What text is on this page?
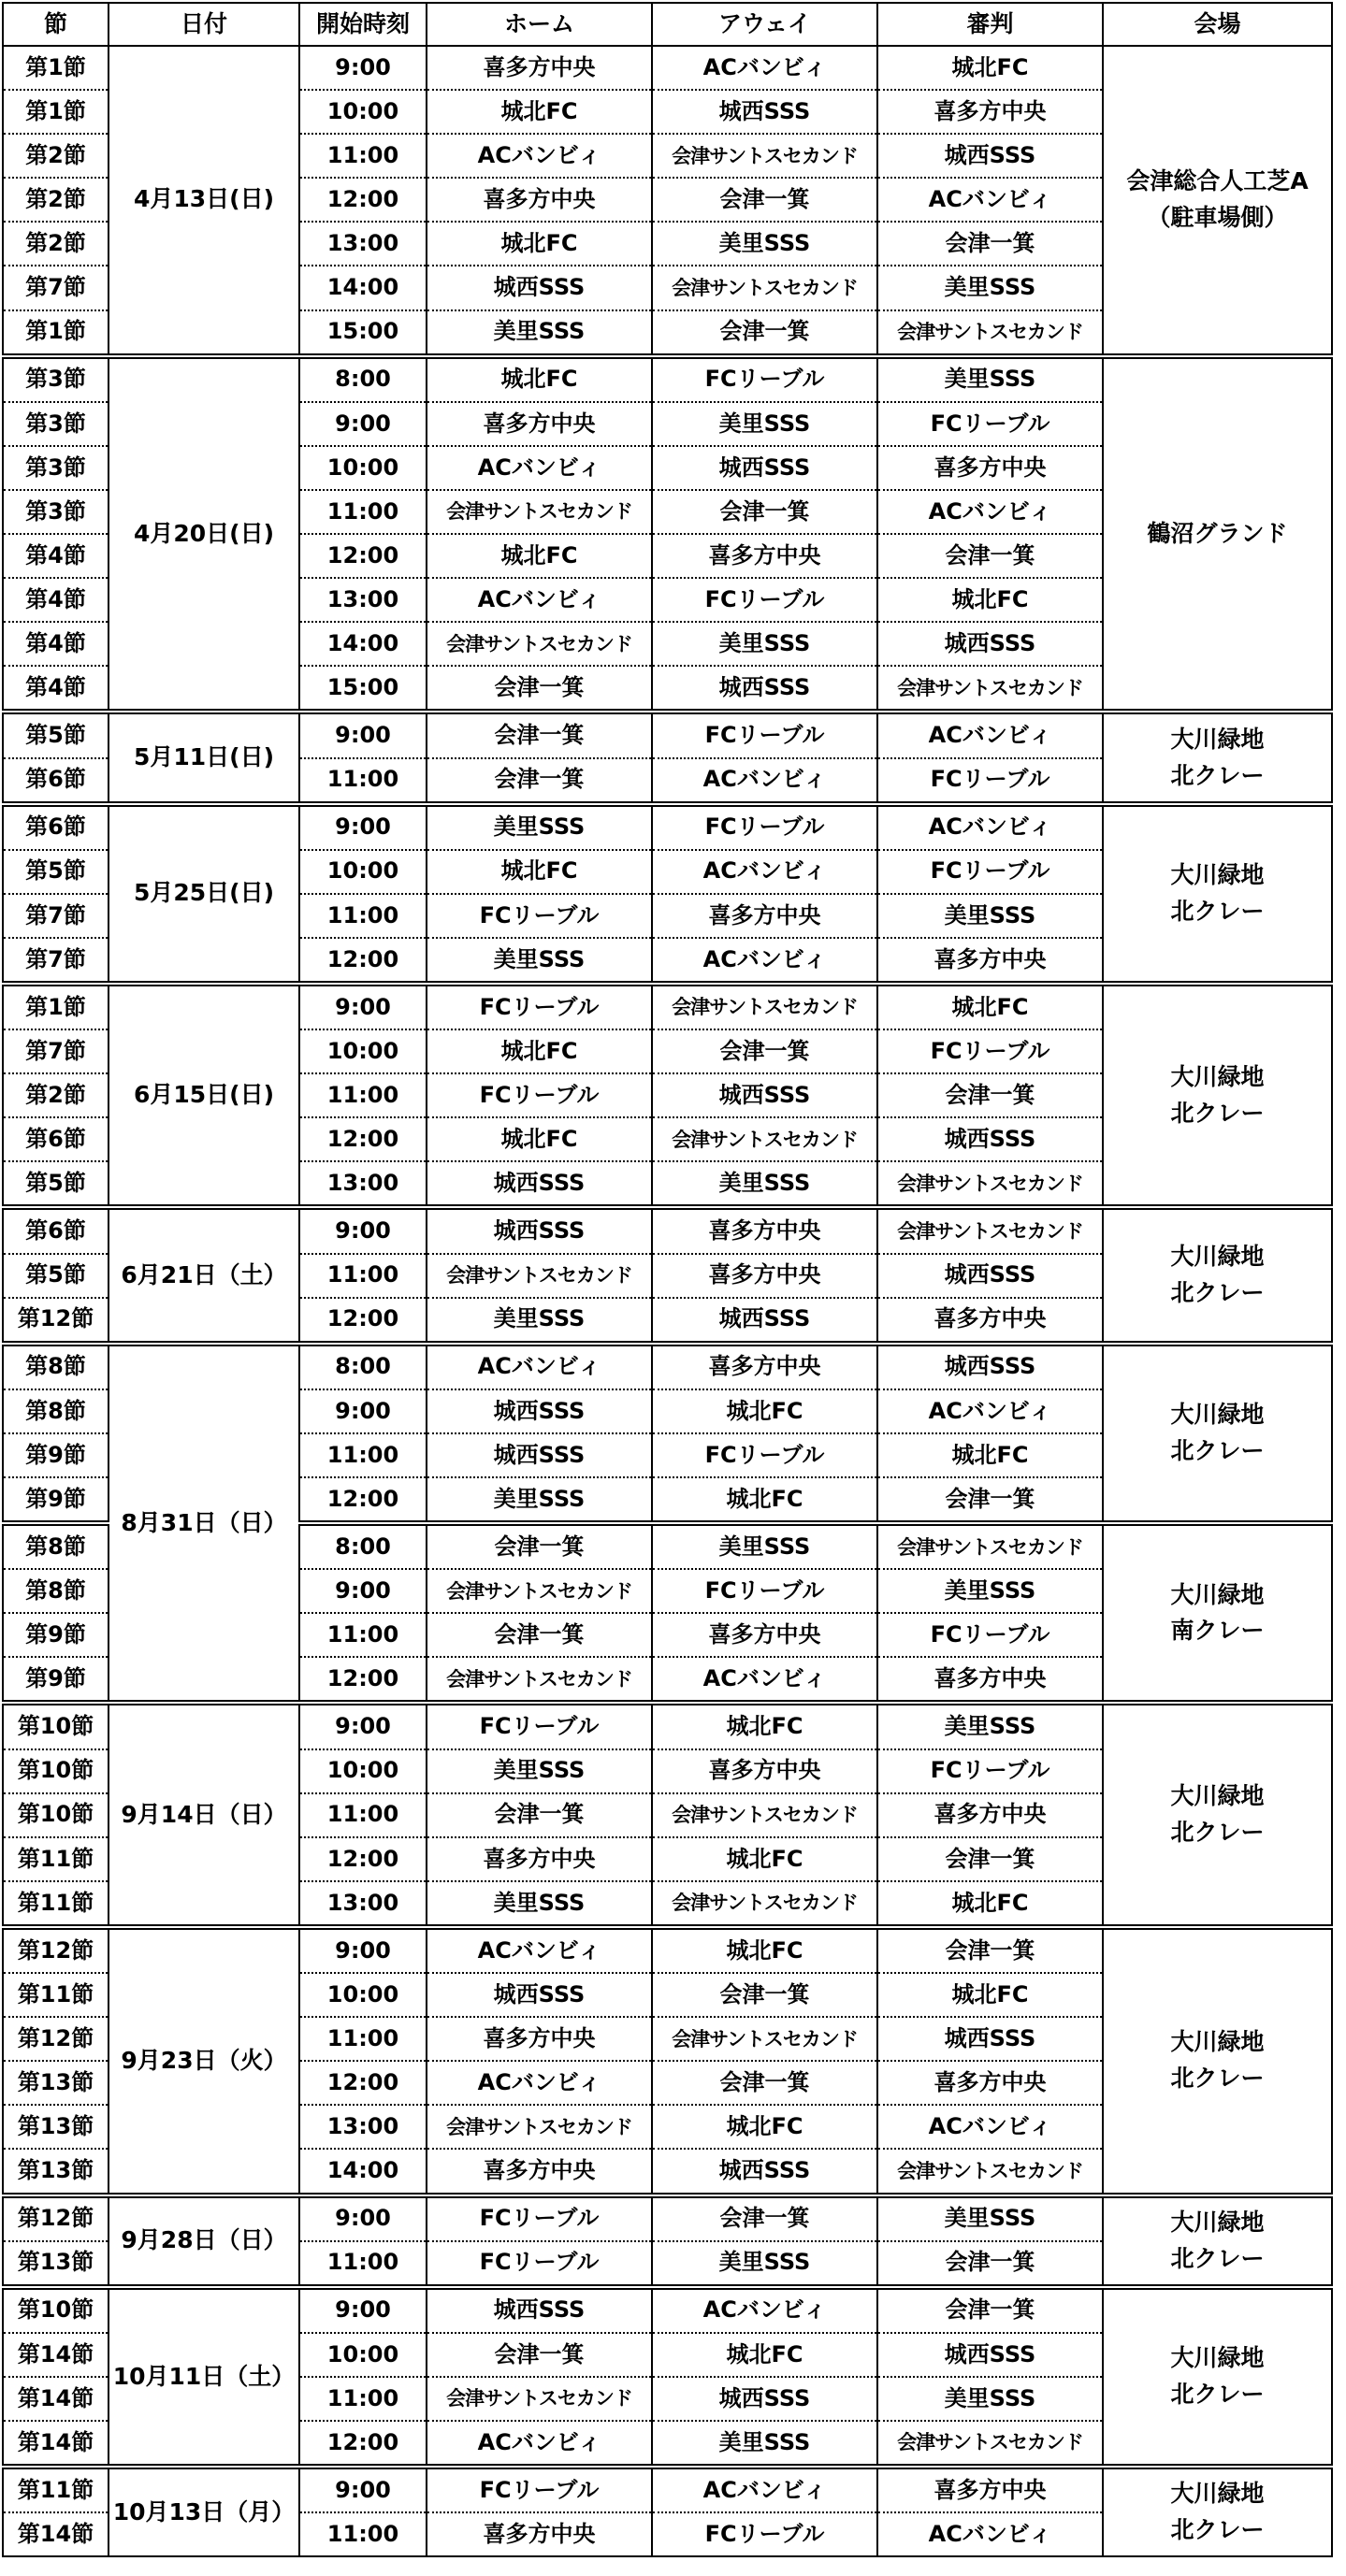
節	日付	開始時刻	ホーム	アウェイ	審判	会場
第1節	4月13日(日)	9:00	喜多方中央	ACバンビィ	城北FC	会津総合人工芝A
（駐車場側）
第1節		10:00	城北FC	城西SSS	喜多方中央	
第2節		11:00	ACバンビィ	会津サントスセカンド	城西SSS	
第2節		12:00	喜多方中央	会津一箕	ACバンビィ	
第2節		13:00	城北FC	美里SSS	会津一箕	
第7節		14:00	城西SSS	会津サントスセカンド	美里SSS	
第1節		15:00	美里SSS	会津一箕	会津サントスセカンド	
第3節	4月20日(日)	8:00	城北FC	FCリーブル	美里SSS	鶴沼グランド
第3節		9:00	喜多方中央	美里SSS	FCリーブル	
第3節		10:00	ACバンビィ	城西SSS	喜多方中央	
第3節		11:00	会津サントスセカンド	会津一箕	ACバンビィ	
第4節		12:00	城北FC	喜多方中央	会津一箕	
第4節		13:00	ACバンビィ	FCリーブル	城北FC	
第4節		14:00	会津サントスセカンド	美里SSS	城西SSS	
第4節		15:00	会津一箕	城西SSS	会津サントスセカンド	
第5節	5月11日(日)	9:00	会津一箕	FCリーブル	ACバンビィ	大川緑地
北クレー
第6節		11:00	会津一箕	ACバンビィ	FCリーブル	
第6節	5月25日(日)	9:00	美里SSS	FCリーブル	ACバンビィ	大川緑地
北クレー
第5節		10:00	城北FC	ACバンビィ	FCリーブル	
第7節		11:00	FCリーブル	喜多方中央	美里SSS	
第7節		12:00	美里SSS	ACバンビィ	喜多方中央	
第1節	6月15日(日)	9:00	FCリーブル	会津サントスセカンド	城北FC	大川緑地
北クレー
第7節		10:00	城北FC	会津一箕	FCリーブル	
第2節		11:00	FCリーブル	城西SSS	会津一箕	
第6節		12:00	城北FC	会津サントスセカンド	城西SSS	
第5節		13:00	城西SSS	美里SSS	会津サントスセカンド	
第6節	6月21日（土）	9:00	城西SSS	喜多方中央	会津サントスセカンド	大川緑地
北クレー
第5節		11:00	会津サントスセカンド	喜多方中央	城西SSS	
第12節		12:00	美里SSS	城西SSS	喜多方中央	
第8節	8月31日（日）	8:00	ACバンビィ	喜多方中央	城西SSS	大川緑地
北クレー
第8節		9:00	城西SSS	城北FC	ACバンビィ	
第9節		11:00	城西SSS	FCリーブル	城北FC	
第9節		12:00	美里SSS	城北FC	会津一箕	
第8節		8:00	会津一箕	美里SSS	会津サントスセカンド	大川緑地
南クレー
第8節		9:00	会津サントスセカンド	FCリーブル	美里SSS	
第9節		11:00	会津一箕	喜多方中央	FCリーブル	
第9節		12:00	会津サントスセカンド	ACバンビィ	喜多方中央	
第10節	9月14日（日）	9:00	FCリーブル	城北FC	美里SSS	大川緑地
北クレー
第10節		10:00	美里SSS	喜多方中央	FCリーブル	
第10節		11:00	会津一箕	会津サントスセカンド	喜多方中央	
第11節		12:00	喜多方中央	城北FC	会津一箕	
第11節		13:00	美里SSS	会津サントスセカンド	城北FC	
第12節	9月23日（火）	9:00	ACバンビィ	城北FC	会津一箕	大川緑地
北クレー
第11節		10:00	城西SSS	会津一箕	城北FC	
第12節		11:00	喜多方中央	会津サントスセカンド	城西SSS	
第13節		12:00	ACバンビィ	会津一箕	喜多方中央	
第13節		13:00	会津サントスセカンド	城北FC	ACバンビィ	
第13節		14:00	喜多方中央	城西SSS	会津サントスセカンド	
第12節	9月28日（日）	9:00	FCリーブル	会津一箕	美里SSS	大川緑地
北クレー
第13節		11:00	FCリーブル	美里SSS	会津一箕	
第10節	10月11日（土）	9:00	城西SSS	ACバンビィ	会津一箕	大川緑地
北クレー
第14節		10:00	会津一箕	城北FC	城西SSS	
第14節		11:00	会津サントスセカンド	城西SSS	美里SSS	
第14節		12:00	ACバンビィ	美里SSS	会津サントスセカンド	
第11節	10月13日（月）	9:00	FCリーブル	ACバンビィ	喜多方中央	大川緑地
北クレー
第14節		11:00	喜多方中央	FCリーブル	ACバンビィ	
